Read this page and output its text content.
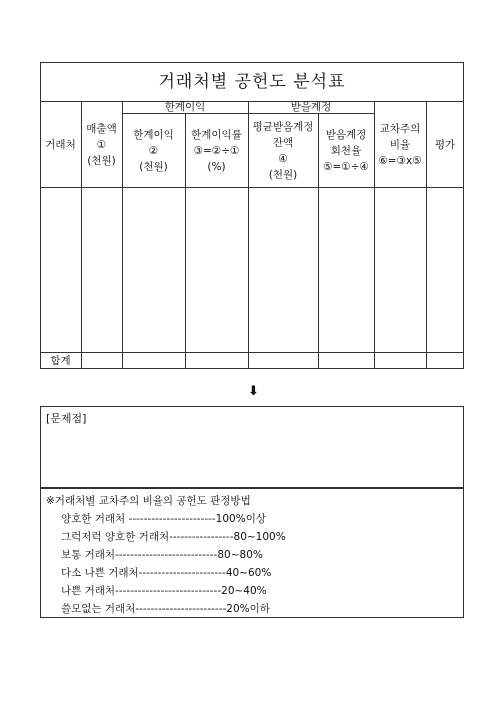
거래처별 공헌도 분석표
거래처
매출액
①
(천원)
한계이익
한계이익
②
(천원)
한계이익률
③=②÷①
(%)
받을계정
평균받음계정
잔액
④
(천원)
받음계정
회천율
⑤=①÷④
교차주의
비율
⑥=③x⑤
평가
합계
⬇
[문제점]
※거래처별 교차주의 비율의 공헌도 판정방법
양호한 거래처 -----------------------100%이상
그럭저럭 양호한 거래처-----------------80~100%
보통 거래처---------------------------80~80%
다소 나쁜 거래처-----------------------40~60%
나쁜 거래처----------------------------20~40%
쓸모없는 거래처------------------------20%이하
